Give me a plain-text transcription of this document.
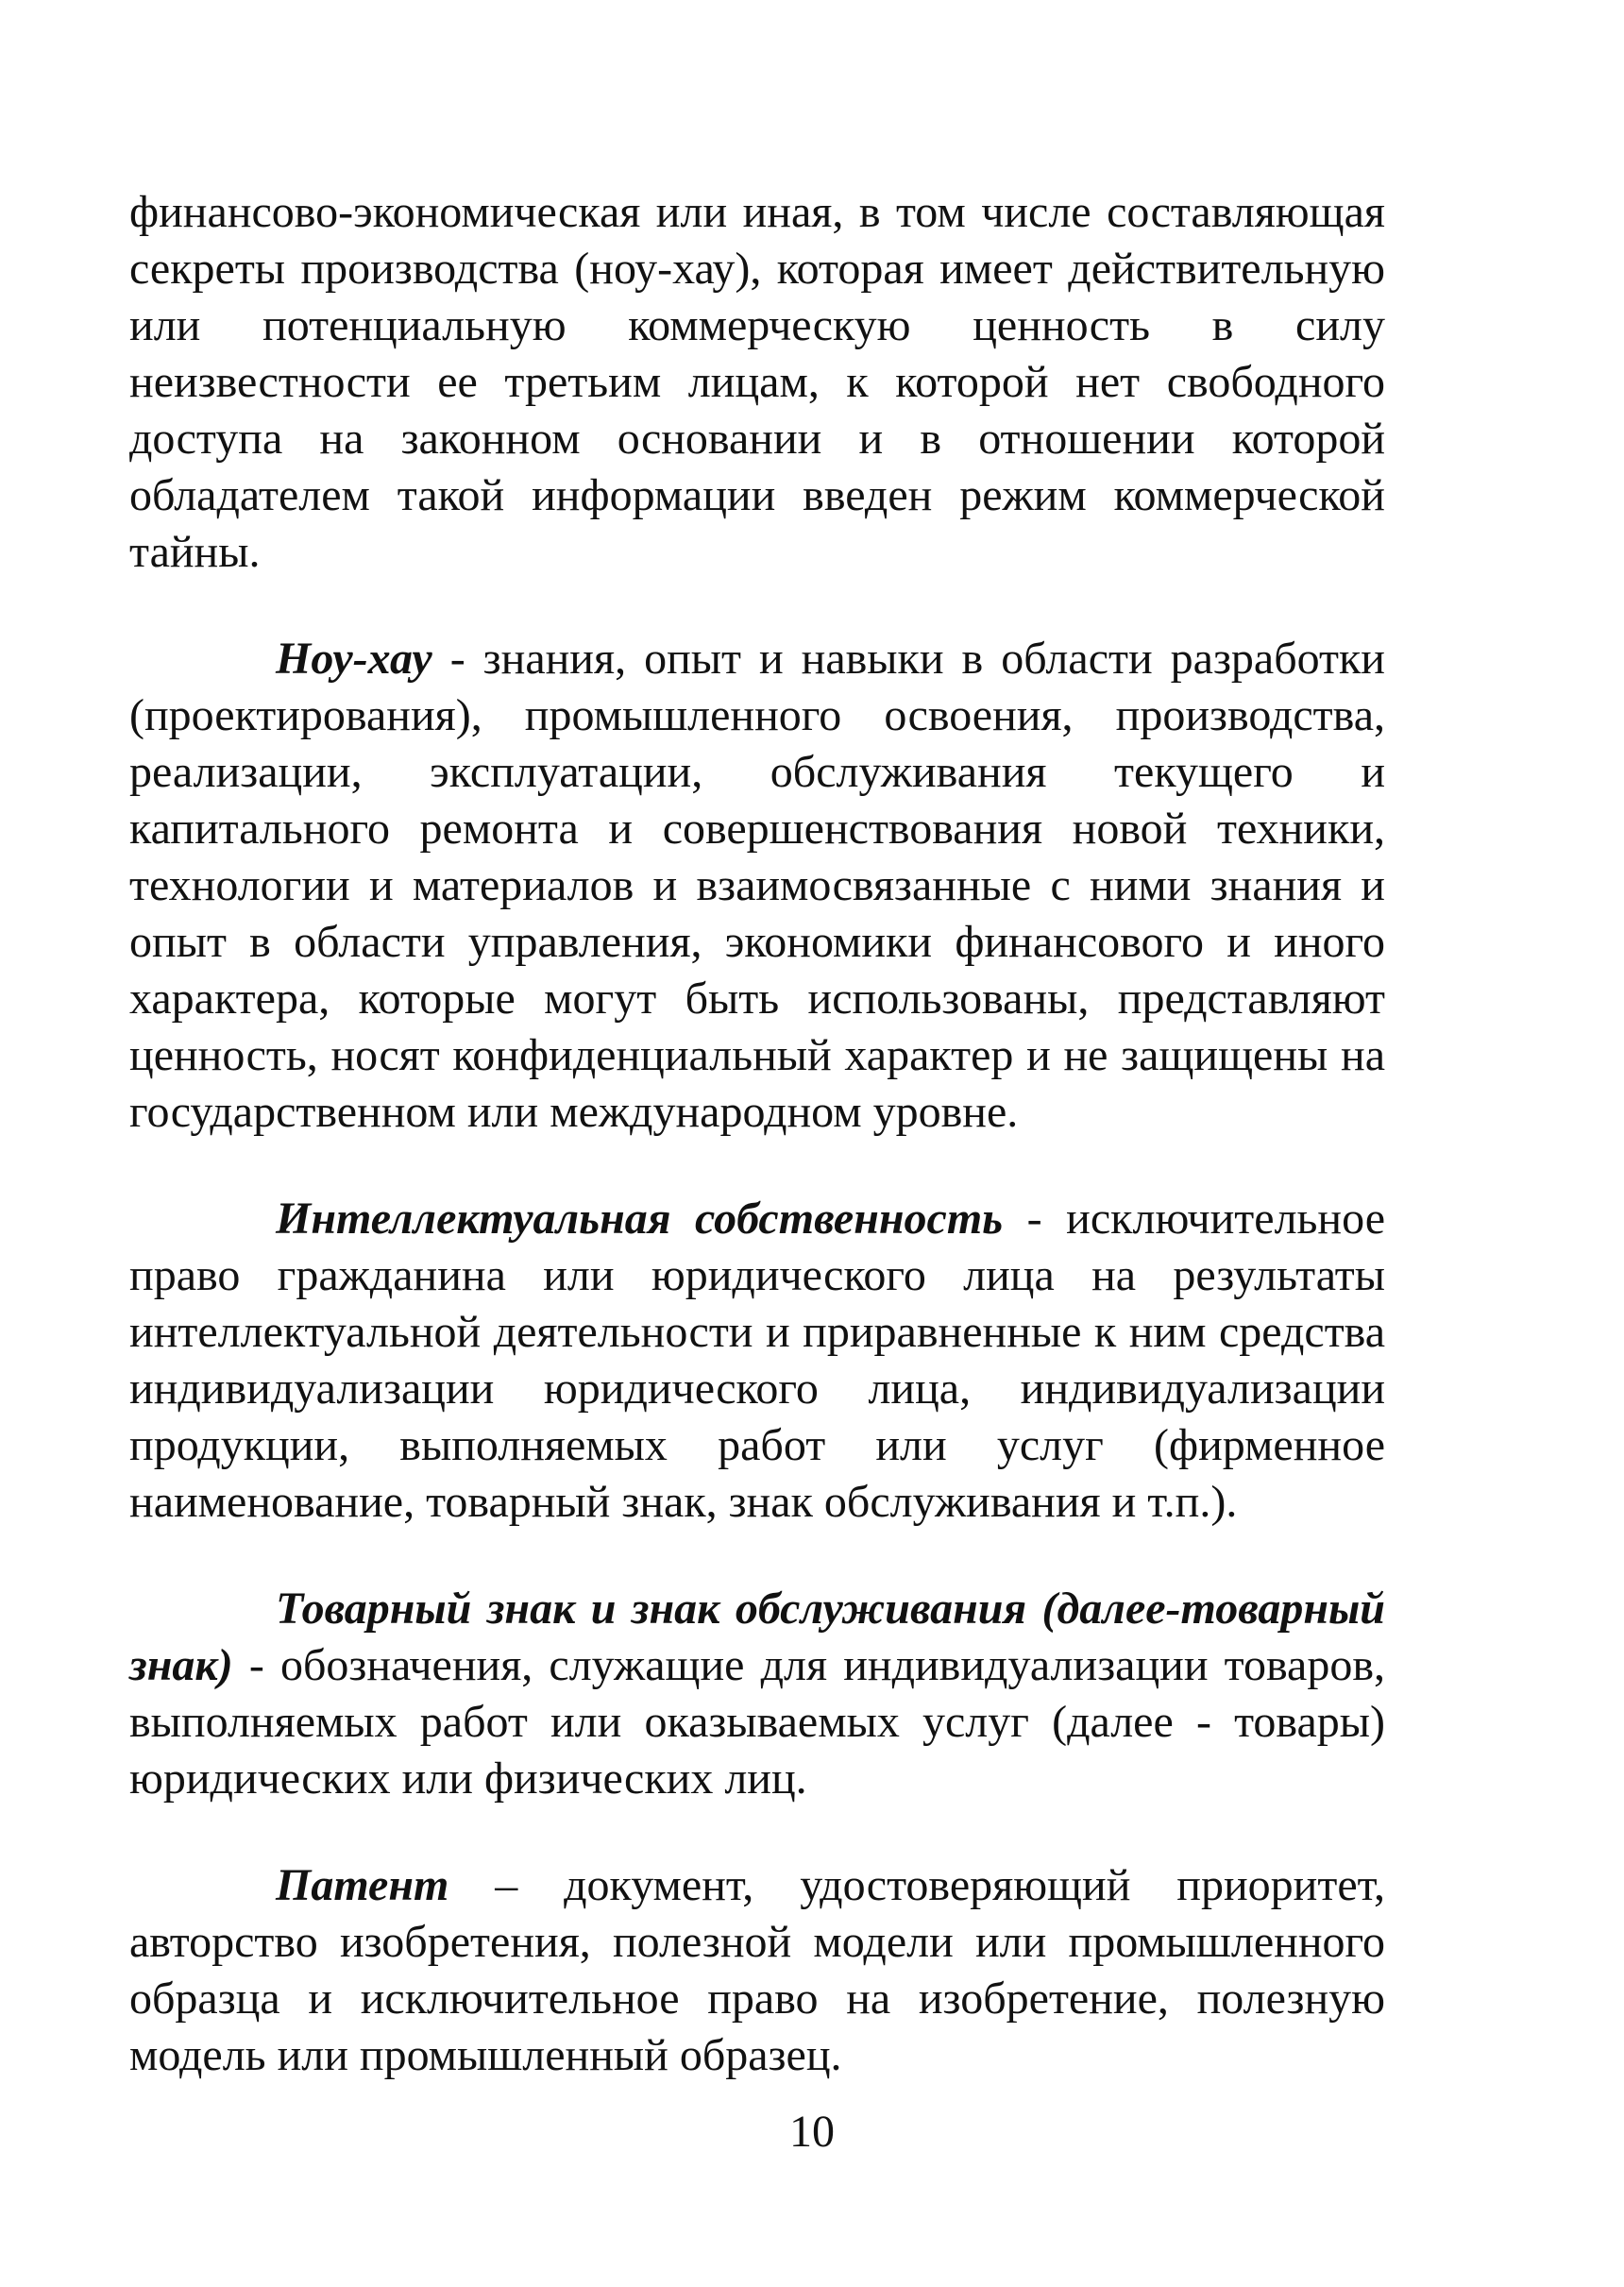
финансово-экономическая или иная, в том числе составляющая секреты производства (ноу-хау), которая имеет действительную или потенциальную коммерческую ценность в силу неизвестности ее третьим лицам, к которой нет свободного доступа на законном основании и в отношении которой обладателем такой информации введен режим коммерческой тайны.

Ноу-хау - знания, опыт и навыки в области разработки (проектирования), промышленного освоения, производства, реализации, эксплуатации, обслуживания текущего и капитального ремонта и совершенствования новой техники, технологии и материалов и взаимосвязанные с ними знания и опыт в области управления, экономики финансового и иного характера, которые могут быть использованы, представляют ценность, носят конфиденциальный характер и не защищены на государственном или международном уровне.

Интеллектуальная собственность - исключительное право гражданина или юридического лица на результаты интеллектуальной деятельности и приравненные к ним средства индивидуализации юридического лица, индивидуализации продукции, выполняемых работ или услуг (фирменное наименование, товарный знак, знак обслуживания и т.п.).

Товарный знак и знак обслуживания (далее-товарный знак) - обозначения, служащие для индивидуализации товаров, выполняемых работ или оказываемых услуг (далее - товары) юридических или физических лиц.

Патент – документ, удостоверяющий приоритет, авторство изобретения, полезной модели или промышленного образца и исключительное право на изобретение, полезную модель или промышленный образец.

10
